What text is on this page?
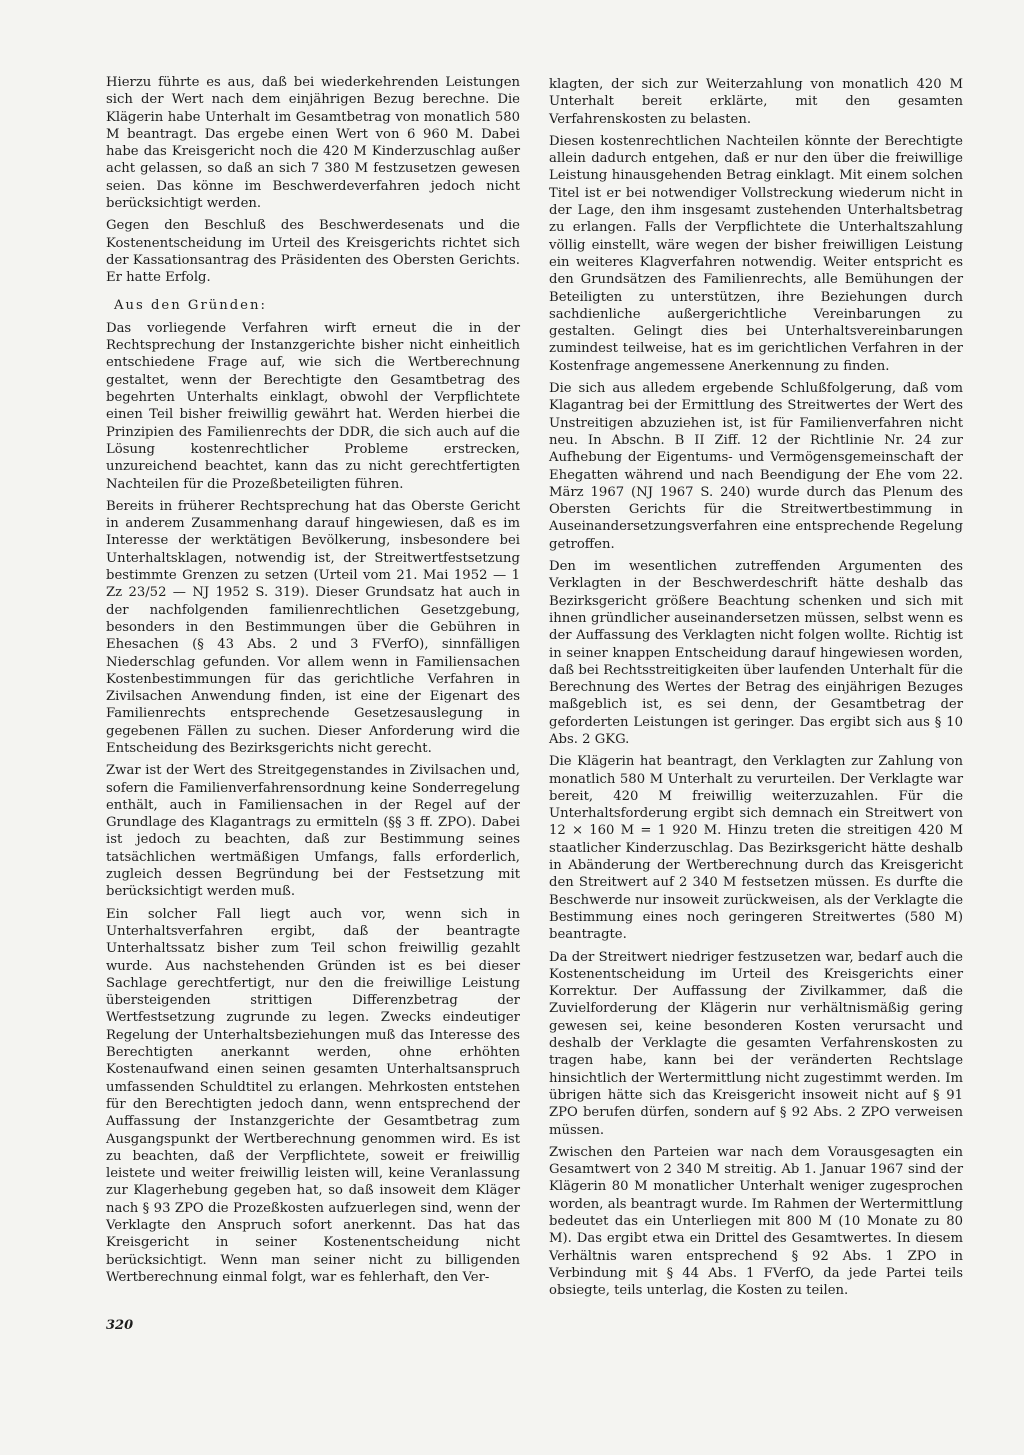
Hierzu führte es aus, daß bei wiederkehrenden Leistungen sich der Wert nach dem einjährigen Bezug berechne. Die Klägerin habe Unterhalt im Gesamtbetrag von monatlich 580 M beantragt. Das ergebe einen Wert von 6 960 M. Dabei habe das Kreisgericht noch die 420 M Kinderzuschlag außer acht gelassen, so daß an sich 7 380 M festzusetzen gewesen seien. Das könne im Beschwerdeverfahren jedoch nicht berücksichtigt werden.

Gegen den Beschluß des Beschwerdesenats und die Kostenentscheidung im Urteil des Kreisgerichts richtet sich der Kassationsantrag des Präsidenten des Obersten Gerichts. Er hatte Erfolg.

Aus den Gründen:

Das vorliegende Verfahren wirft erneut die in der Rechtsprechung der Instanzgerichte bisher nicht einheitlich entschiedene Frage auf, wie sich die Wertberechnung gestaltet, wenn der Berechtigte den Gesamtbetrag des begehrten Unterhalts einklagt, obwohl der Verpflichtete einen Teil bisher freiwillig gewährt hat. Werden hierbei die Prinzipien des Familienrechts der DDR, die sich auch auf die Lösung kostenrechtlicher Probleme erstrecken, unzureichend beachtet, kann das zu nicht gerechtfertigten Nachteilen für die Prozeßbeteiligten führen.

Bereits in früherer Rechtsprechung hat das Oberste Gericht in anderem Zusammenhang darauf hingewiesen, daß es im Interesse der werktätigen Bevölkerung, insbesondere bei Unterhaltsklagen, notwendig ist, der Streitwertfestsetzung bestimmte Grenzen zu setzen (Urteil vom 21. Mai 1952 — 1 Zz 23/52 — NJ 1952 S. 319). Dieser Grundsatz hat auch in der nachfolgenden familienrechtlichen Gesetzgebung, besonders in den Bestimmungen über die Gebühren in Ehesachen (§ 43 Abs. 2 und 3 FVerfO), sinnfälligen Niederschlag gefunden. Vor allem wenn in Familiensachen Kostenbestimmungen für das gerichtliche Verfahren in Zivilsachen Anwendung finden, ist eine der Eigenart des Familienrechts entsprechende Gesetzesauslegung in gegebenen Fällen zu suchen. Dieser Anforderung wird die Entscheidung des Bezirksgerichts nicht gerecht.

Zwar ist der Wert des Streitgegenstandes in Zivilsachen und, sofern die Familienverfahrensordnung keine Sonderregelung enthält, auch in Familiensachen in der Regel auf der Grundlage des Klagantrags zu ermitteln (§§ 3 ff. ZPO). Dabei ist jedoch zu beachten, daß zur Bestimmung seines tatsächlichen wertmäßigen Umfangs, falls erforderlich, zugleich dessen Begründung bei der Festsetzung mit berücksichtigt werden muß.

Ein solcher Fall liegt auch vor, wenn sich in Unterhaltsverfahren ergibt, daß der beantragte Unterhaltssatz bisher zum Teil schon freiwillig gezahlt wurde. Aus nachstehenden Gründen ist es bei dieser Sachlage gerechtfertigt, nur den die freiwillige Leistung übersteigenden strittigen Differenzbetrag der Wertfestsetzung zugrunde zu legen. Zwecks eindeutiger Regelung der Unterhaltsbeziehungen muß das Interesse des Berechtigten anerkannt werden, ohne erhöhten Kostenaufwand einen seinen gesamten Unterhaltsanspruch umfassenden Schuldtitel zu erlangen. Mehrkosten entstehen für den Berechtigten jedoch dann, wenn entsprechend der Auffassung der Instanzgerichte der Gesamtbetrag zum Ausgangspunkt der Wertberechnung genommen wird. Es ist zu beachten, daß der Verpflichtete, soweit er freiwillig leistete und weiter freiwillig leisten will, keine Veranlassung zur Klagerhebung gegeben hat, so daß insoweit dem Kläger nach § 93 ZPO die Prozeßkosten aufzuerlegen sind, wenn der Verklagte den Anspruch sofort anerkennt. Das hat das Kreisgericht in seiner Kostenentscheidung nicht berücksichtigt. Wenn man seiner nicht zu billigenden Wertberechnung einmal folgt, war es fehlerhaft, den Ver-

klagten, der sich zur Weiterzahlung von monatlich 420 M Unterhalt bereit erklärte, mit den gesamten Verfahrenskosten zu belasten.

Diesen kostenrechtlichen Nachteilen könnte der Berechtigte allein dadurch entgehen, daß er nur den über die freiwillige Leistung hinausgehenden Betrag einklagt. Mit einem solchen Titel ist er bei notwendiger Vollstreckung wiederum nicht in der Lage, den ihm insgesamt zustehenden Unterhaltsbetrag zu erlangen. Falls der Verpflichtete die Unterhaltszahlung völlig einstellt, wäre wegen der bisher freiwilligen Leistung ein weiteres Klagverfahren notwendig. Weiter entspricht es den Grundsätzen des Familienrechts, alle Bemühungen der Beteiligten zu unterstützen, ihre Beziehungen durch sachdienliche außergerichtliche Vereinbarungen zu gestalten. Gelingt dies bei Unterhaltsvereinbarungen zumindest teilweise, hat es im gerichtlichen Verfahren in der Kostenfrage angemessene Anerkennung zu finden.

Die sich aus alledem ergebende Schlußfolgerung, daß vom Klagantrag bei der Ermittlung des Streitwertes der Wert des Unstreitigen abzuziehen ist, ist für Familienverfahren nicht neu. In Abschn. B II Ziff. 12 der Richtlinie Nr. 24 zur Aufhebung der Eigentums- und Vermögensgemeinschaft der Ehegatten während und nach Beendigung der Ehe vom 22. März 1967 (NJ 1967 S. 240) wurde durch das Plenum des Obersten Gerichts für die Streitwertbestimmung in Auseinandersetzungsverfahren eine entsprechende Regelung getroffen.

Den im wesentlichen zutreffenden Argumenten des Verklagten in der Beschwerdeschrift hätte deshalb das Bezirksgericht größere Beachtung schenken und sich mit ihnen gründlicher auseinandersetzen müssen, selbst wenn es der Auffassung des Verklagten nicht folgen wollte. Richtig ist in seiner knappen Entscheidung darauf hingewiesen worden, daß bei Rechtsstreitigkeiten über laufenden Unterhalt für die Berechnung des Wertes der Betrag des einjährigen Bezuges maßgeblich ist, es sei denn, der Gesamtbetrag der geforderten Leistungen ist geringer. Das ergibt sich aus § 10 Abs. 2 GKG.

Die Klägerin hat beantragt, den Verklagten zur Zahlung von monatlich 580 M Unterhalt zu verurteilen. Der Verklagte war bereit, 420 M freiwillig weiterzuzahlen. Für die Unterhaltsforderung ergibt sich demnach ein Streitwert von 12 × 160 M = 1 920 M. Hinzu treten die streitigen 420 M staatlicher Kinderzuschlag. Das Bezirksgericht hätte deshalb in Abänderung der Wertberechnung durch das Kreisgericht den Streitwert auf 2 340 M festsetzen müssen. Es durfte die Beschwerde nur insoweit zurückweisen, als der Verklagte die Bestimmung eines noch geringeren Streitwertes (580 M) beantragte.

Da der Streitwert niedriger festzusetzen war, bedarf auch die Kostenentscheidung im Urteil des Kreisgerichts einer Korrektur. Der Auffassung der Zivilkammer, daß die Zuvielforderung der Klägerin nur verhältnismäßig gering gewesen sei, keine besonderen Kosten verursacht und deshalb der Verklagte die gesamten Verfahrenskosten zu tragen habe, kann bei der veränderten Rechtslage hinsichtlich der Wertermittlung nicht zugestimmt werden. Im übrigen hätte sich das Kreisgericht insoweit nicht auf § 91 ZPO berufen dürfen, sondern auf § 92 Abs. 2 ZPO verweisen müssen.

Zwischen den Parteien war nach dem Vorausgesagten ein Gesamtwert von 2 340 M streitig. Ab 1. Januar 1967 sind der Klägerin 80 M monatlicher Unterhalt weniger zugesprochen worden, als beantragt wurde. Im Rahmen der Wertermittlung bedeutet das ein Unterliegen mit 800 M (10 Monate zu 80 M). Das ergibt etwa ein Drittel des Gesamtwertes. In diesem Verhältnis waren entsprechend § 92 Abs. 1 ZPO in Verbindung mit § 44 Abs. 1 FVerfO, da jede Partei teils obsiegte, teils unterlag, die Kosten zu teilen.

320
